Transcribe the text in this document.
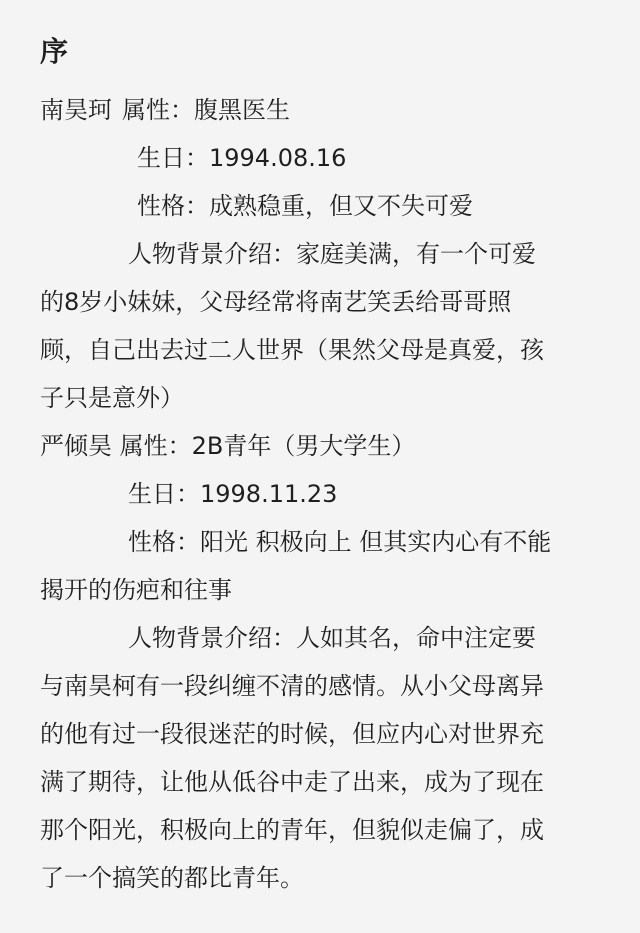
序

南昊珂 属性：腹黑医生

生日：1994.08.16

性格：成熟稳重，但又不失可爱

人物背景介绍：家庭美满，有一个可爱

的8岁小妹妹，父母经常将南艺笑丢给哥哥照

顾，自己出去过二人世界（果然父母是真爱，孩

子只是意外）

严倾昊 属性：2B青年（男大学生）

生日：1998.11.23

性格：阳光 积极向上 但其实内心有不能

揭开的伤疤和往事

人物背景介绍：人如其名，命中注定要

与南昊柯有一段纠缠不清的感情。从小父母离异

的他有过一段很迷茫的时候，但应内心对世界充

满了期待，让他从低谷中走了出来，成为了现在

那个阳光，积极向上的青年，但貌似走偏了，成

了一个搞笑的都比青年。
